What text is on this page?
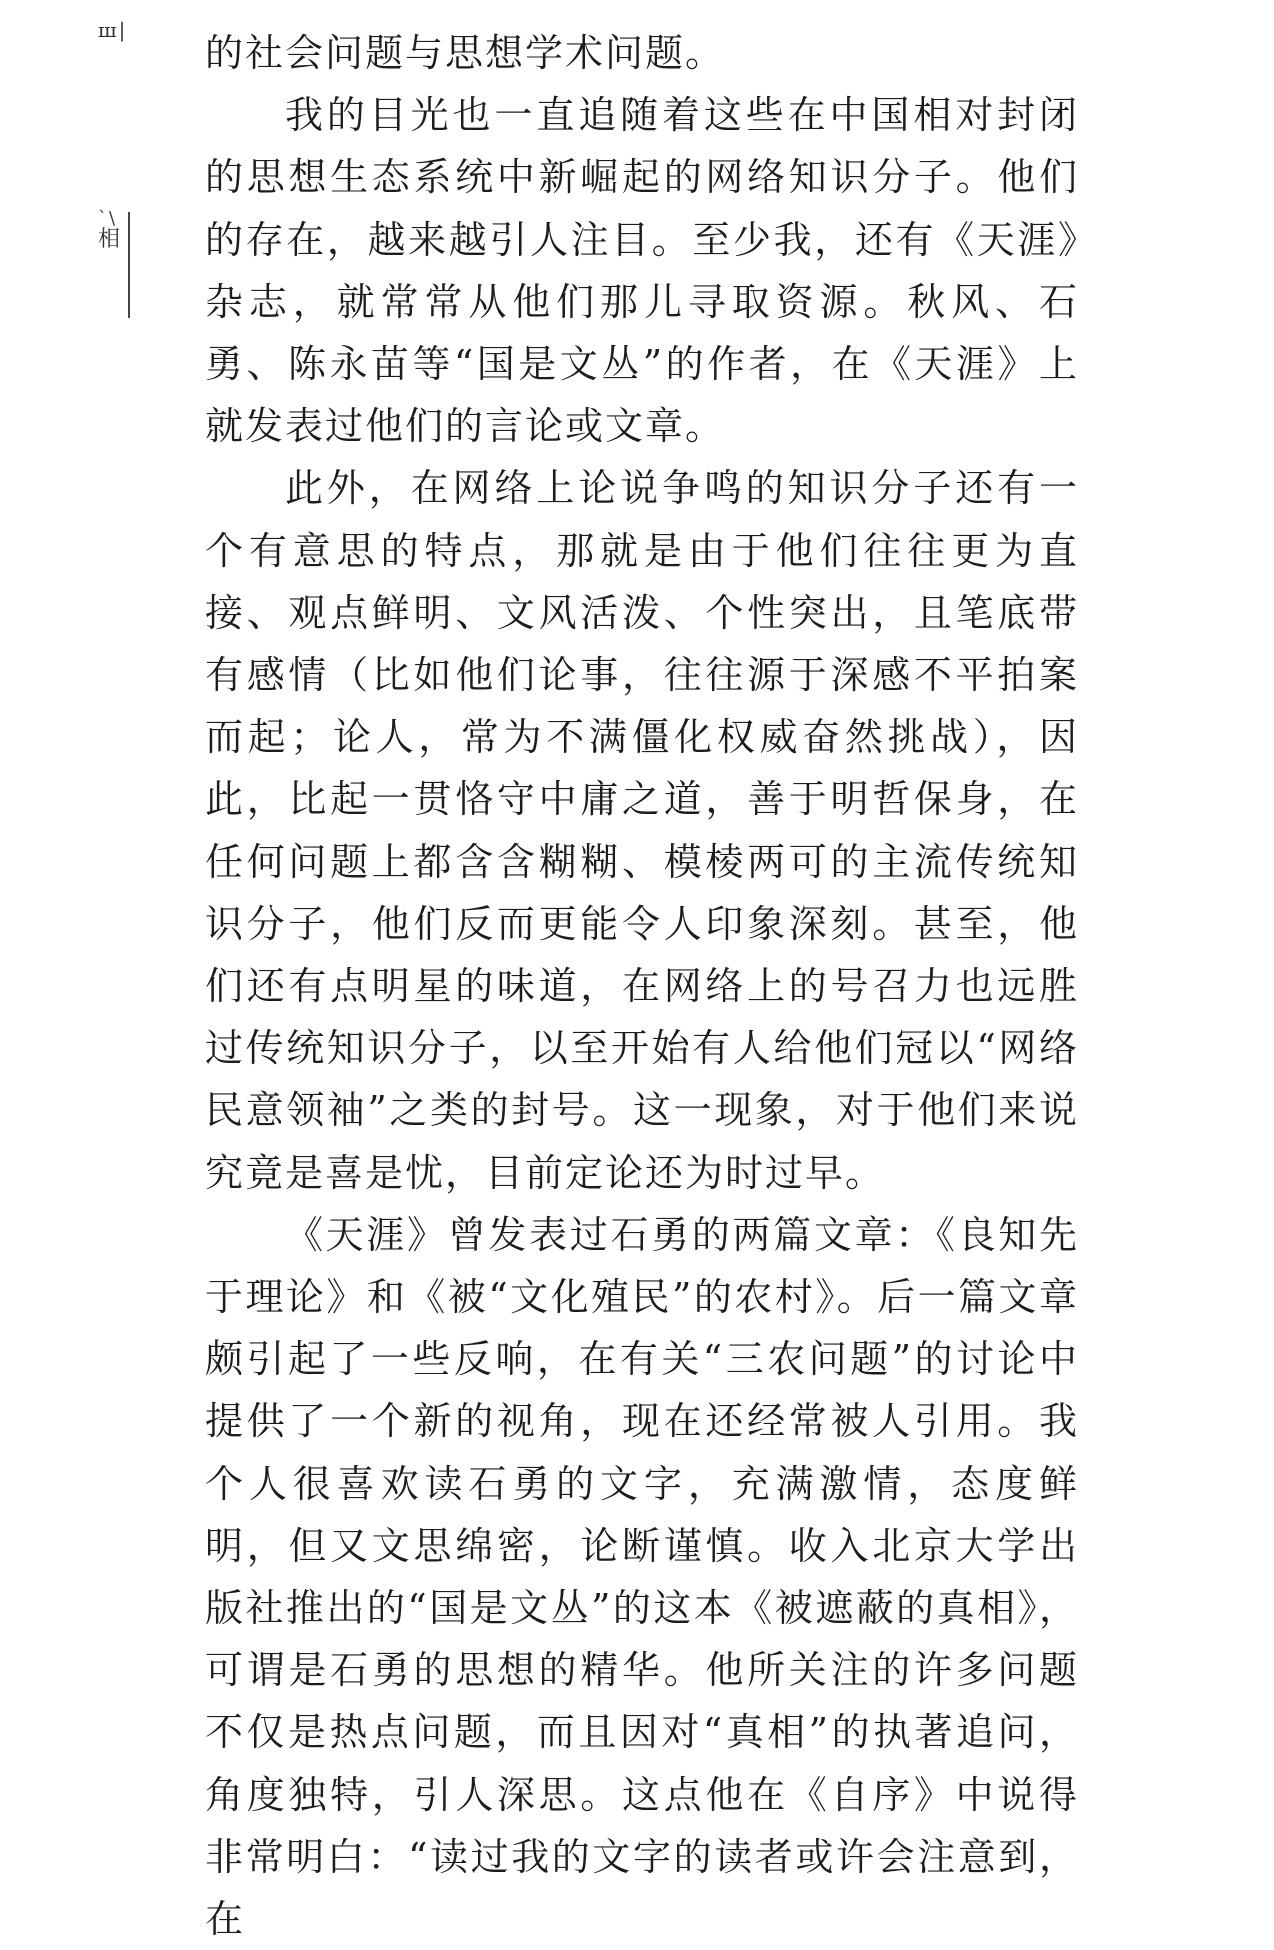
ш|
`\
相

的社会问题与思想学术问题。

我的目光也一直追随着这些在中国相对封闭的思想生态系统中新崛起的网络知识分子。他们的存在，越来越引人注目。至少我，还有《天涯》杂志，就常常从他们那儿寻取资源。秋风、石勇、陈永苗等“国是文丛”的作者，在《天涯》上就发表过他们的言论或文章。

此外，在网络上论说争鸣的知识分子还有一个有意思的特点，那就是由于他们往往更为直接、观点鲜明、文风活泼、个性突出，且笔底带有感情（比如他们论事，往往源于深感不平拍案而起；论人，常为不满僵化权威奋然挑战），因此，比起一贯恪守中庸之道，善于明哲保身，在任何问题上都含含糊糊、模棱两可的主流传统知识分子，他们反而更能令人印象深刻。甚至，他们还有点明星的味道，在网络上的号召力也远胜过传统知识分子，以至开始有人给他们冠以“网络民意领袖”之类的封号。这一现象，对于他们来说究竟是喜是忧，目前定论还为时过早。

《天涯》曾发表过石勇的两篇文章：《良知先于理论》和《被“文化殖民”的农村》。后一篇文章颇引起了一些反响，在有关“三农问题”的讨论中提供了一个新的视角，现在还经常被人引用。我个人很喜欢读石勇的文字，充满激情，态度鲜明，但又文思绵密，论断谨慎。收入北京大学出版社推出的“国是文丛”的这本《被遮蔽的真相》，可谓是石勇的思想的精华。他所关注的许多问题不仅是热点问题，而且因对“真相”的执著追问，角度独特，引人深思。这点他在《自序》中说得非常明白：“读过我的文字的读者或许会注意到，在
